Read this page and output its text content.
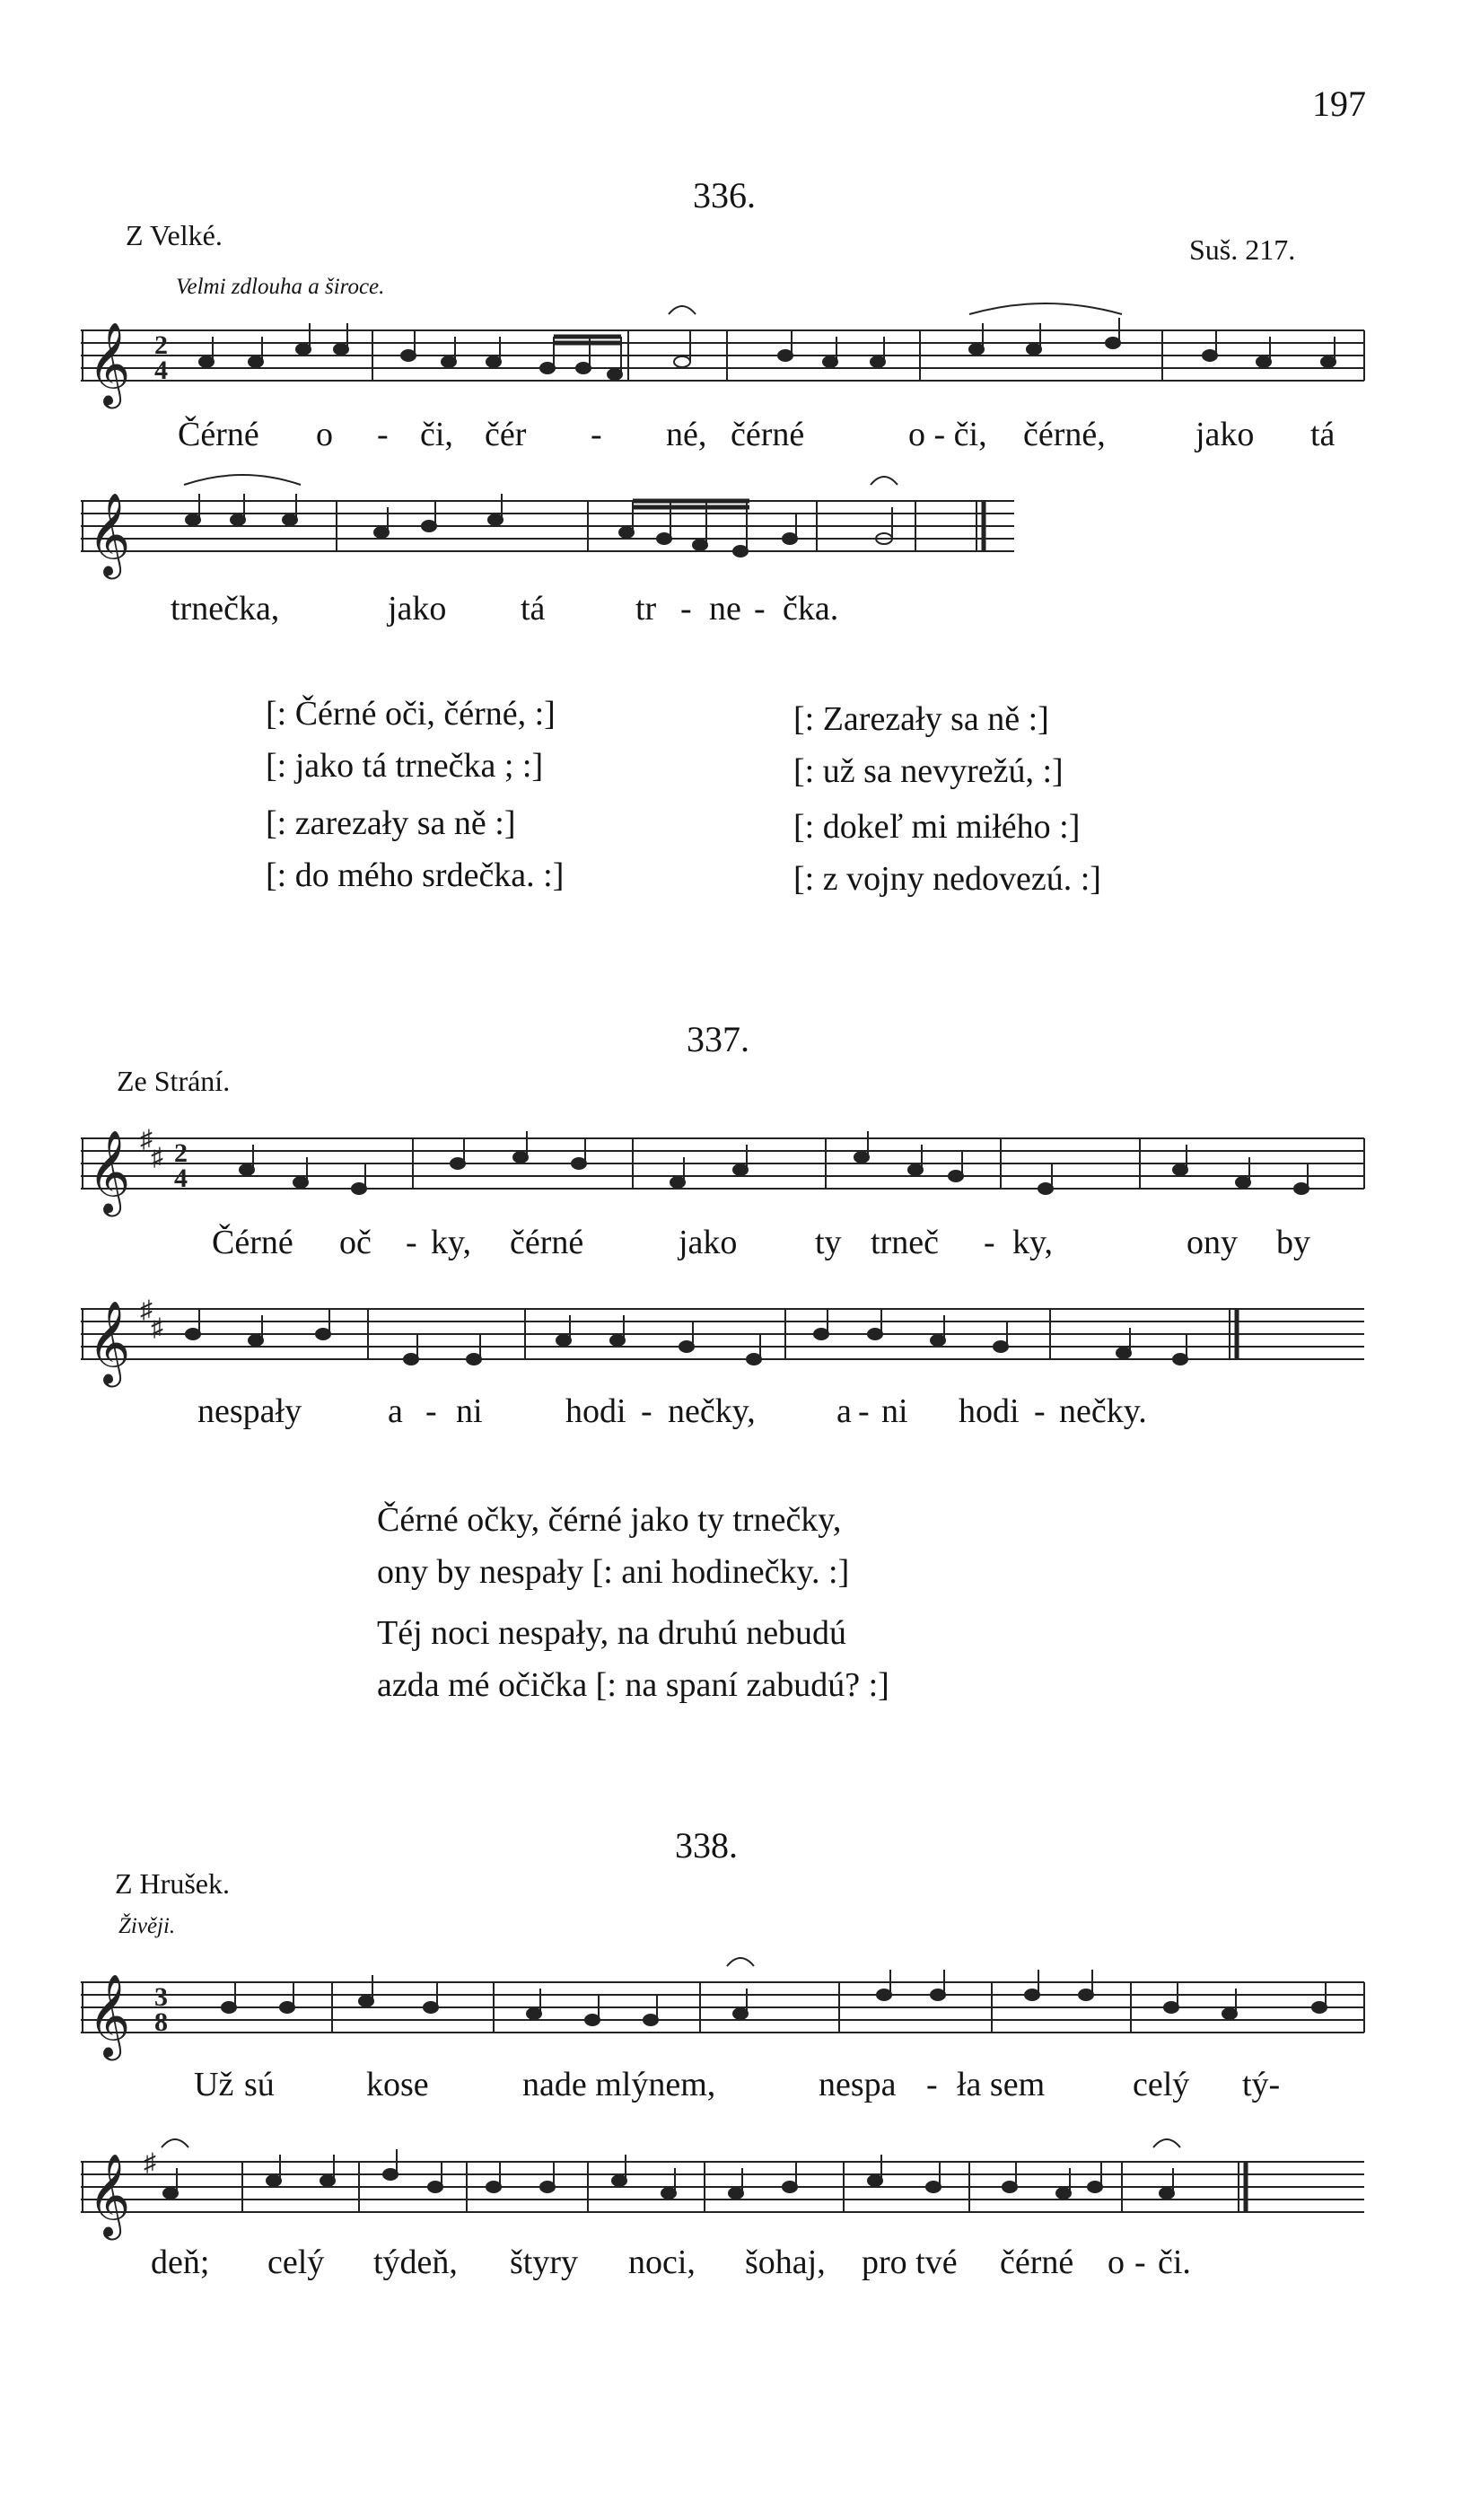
197
336.
Z Velké.	Suš. 217.
Velmi zdlouha a široce.
𝄞 2
4
Čérné o - či, čér - né, čérné	o - či, čérné,	jako tá
𝄞
trnečka,	jako tá	tr - ne - čka.
[: Čérné oči, čérné, :]
[: jako tá trnečka ; :]
[: zarezały sa ně :]
[: do mého srdečka. :]
[: Zarezały sa ně :]
[: už sa nevyrežú, :]
[: dokeľ mi miłého :]
[: z vojny nedovezú. :]
337.
Ze Strání.
𝄞 ♯
♯ 2
4
Čérné oč - ky, čérné	jako ty trneč - ky,	ony by
𝄞 ♯
♯
nespały	a - ni hodi - nečky, a - ni hodi - nečky.
Čérné očky, čérné jako ty trnečky,
ony by nespały [: ani hodinečky. :]
Téj noci nespały, na druhú nebudú
azda mé očička [: na spaní zabudú? :]
338.
Z Hrušek.
Živěji.
𝄞 3
8
Už sú	kose	nade mlýnem,	nespa - ła sem	celý tý-
𝄞 ♯
deň; celý týdeň, štyry noci, šohaj, pro tvé čérné o - či.
